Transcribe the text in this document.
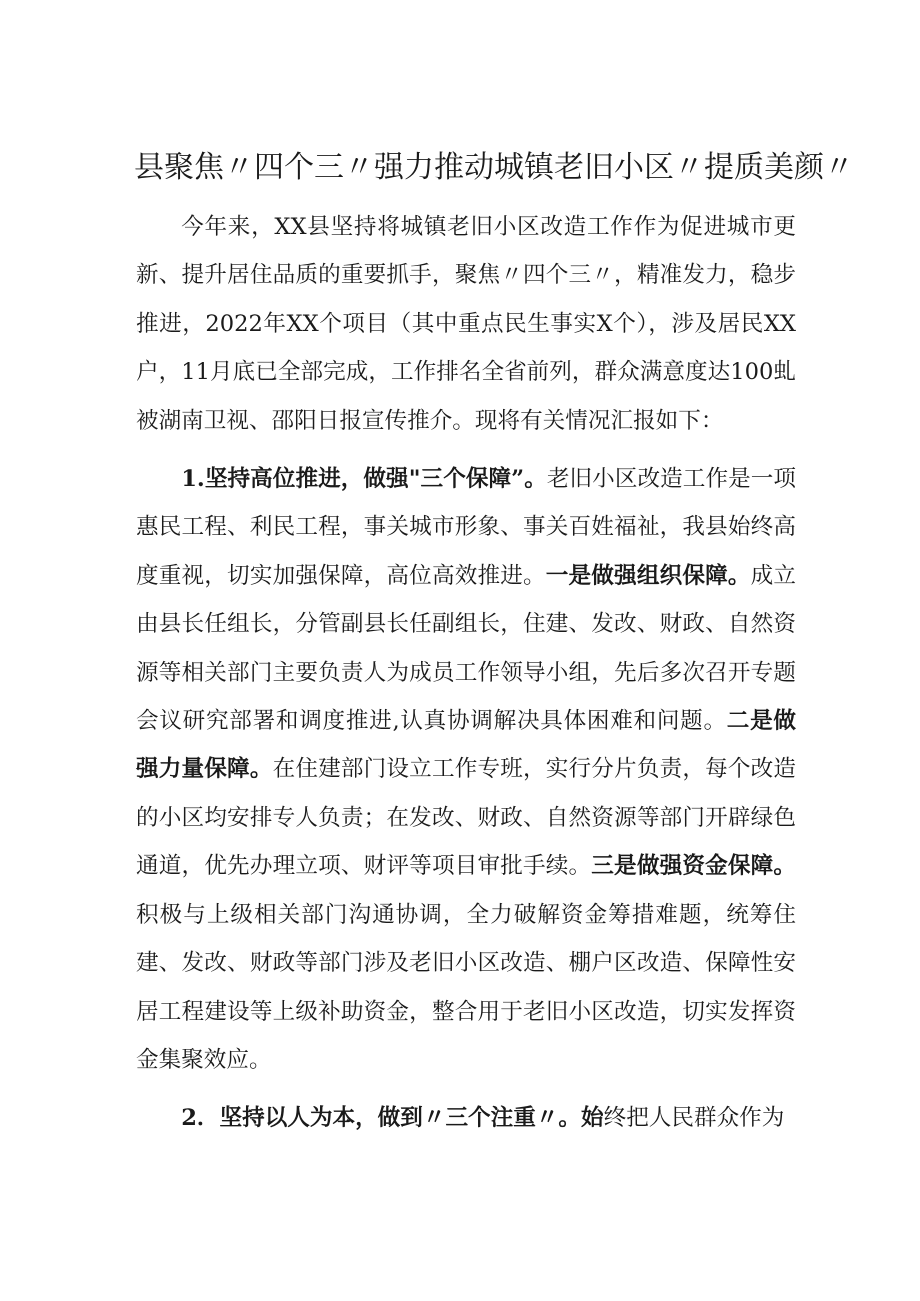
县聚焦〃四个三〃强力推动城镇老旧小区〃提质美颜〃

今年来，XX县坚持将城镇老旧小区改造工作作为促进城市更新、提升居住品质的重要抓手，聚焦〃四个三〃，精准发力，稳步推进，2022年XX个项目（其中重点民生事实X个），涉及居民XX户，11月底已全部完成，工作排名全省前列，群众满意度达100虬被湖南卫视、邵阳日报宣传推介。现将有关情况汇报如下：

1.坚持高位推进，做强"三个保障”。老旧小区改造工作是一项惠民工程、利民工程，事关城市形象、事关百姓福祉，我县始终高度重视，切实加强保障，高位高效推进。一是做强组织保障。成立由县长任组长，分管副县长任副组长，住建、发改、财政、自然资源等相关部门主要负责人为成员工作领导小组，先后多次召开专题会议研究部署和调度推进,认真协调解决具体困难和问题。二是做强力量保障。在住建部门设立工作专班，实行分片负责，每个改造的小区均安排专人负责；在发改、财政、自然资源等部门开辟绿色通道，优先办理立项、财评等项目审批手续。三是做强资金保障。积极与上级相关部门沟通协调，全力破解资金筹措难题，统筹住建、发改、财政等部门涉及老旧小区改造、棚户区改造、保障性安居工程建设等上级补助资金，整合用于老旧小区改造，切实发挥资金集聚效应。

2．坚持以人为本，做到〃三个注重〃。始终把人民群众作为
